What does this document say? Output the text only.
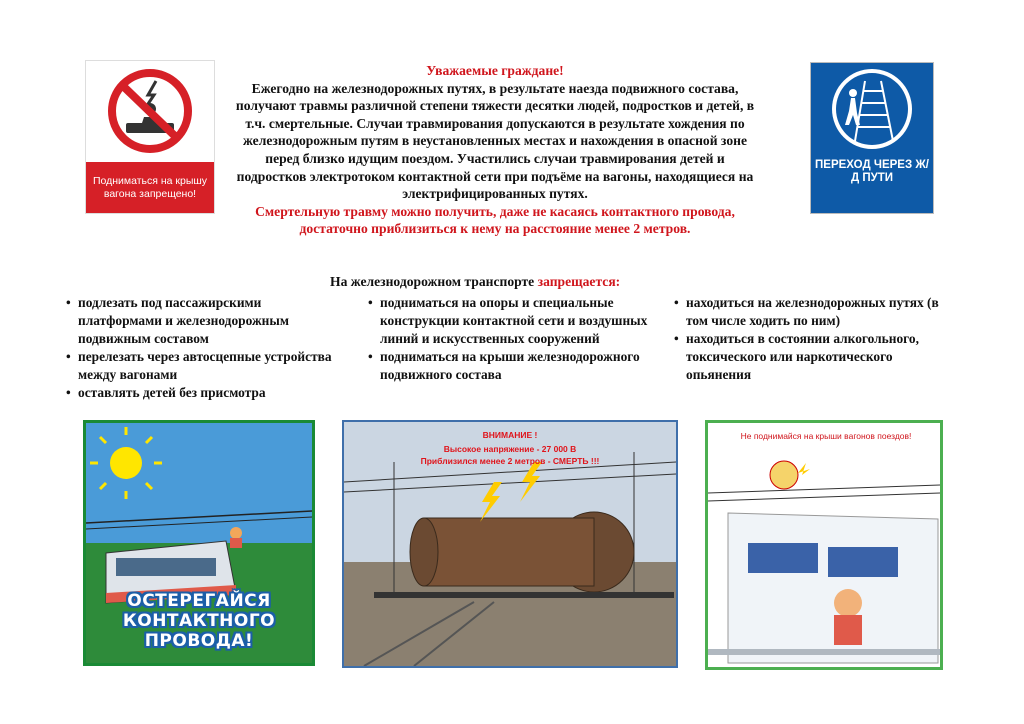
Подниматься на крышу вагона запрещено!
ПЕРЕХОД ЧЕРЕЗ Ж/Д ПУТИ
Уважаемые граждане!
Ежегодно на железнодорожных путях, в результате наезда подвижного состава, получают травмы различной степени тяжести десятки людей, подростков и детей, в т.ч. смертельные. Случаи травмирования допускаются в результате хождения по железнодорожным путям в неустановленных местах и нахождения в опасной зоне перед близко идущим поездом. Участились случаи травмирования детей и подростков электротоком контактной сети при подъёме на вагоны, находящиеся на электрифицированных путях.
Смертельную травму можно получить, даже не касаясь контактного провода, достаточно приблизиться к нему на расстояние менее 2 метров.
На железнодорожном транспорте запрещается:
• подлезать под пассажирскими платформами и железнодорожным подвижным составом
• перелезать через автосцепные устройства между вагонами
• оставлять детей без присмотра
• подниматься на опоры и специальные конструкции контактной сети и воздушных линий и искусственных сооружений
• подниматься на крыши железнодорожного подвижного состава
• находиться на железнодорожных путях (в том числе ходить по ним)
• находиться в состоянии алкогольного, токсического или наркотического опьянения
ОСТЕРЕГАЙСЯ КОНТАКТНОГО ПРОВОДА!
ВНИМАНИЕ !
Высокое напряжение - 27 000 В
Приблизился менее 2 метров - СМЕРТЬ !!!
Не поднимайся на крыши вагонов поездов!
